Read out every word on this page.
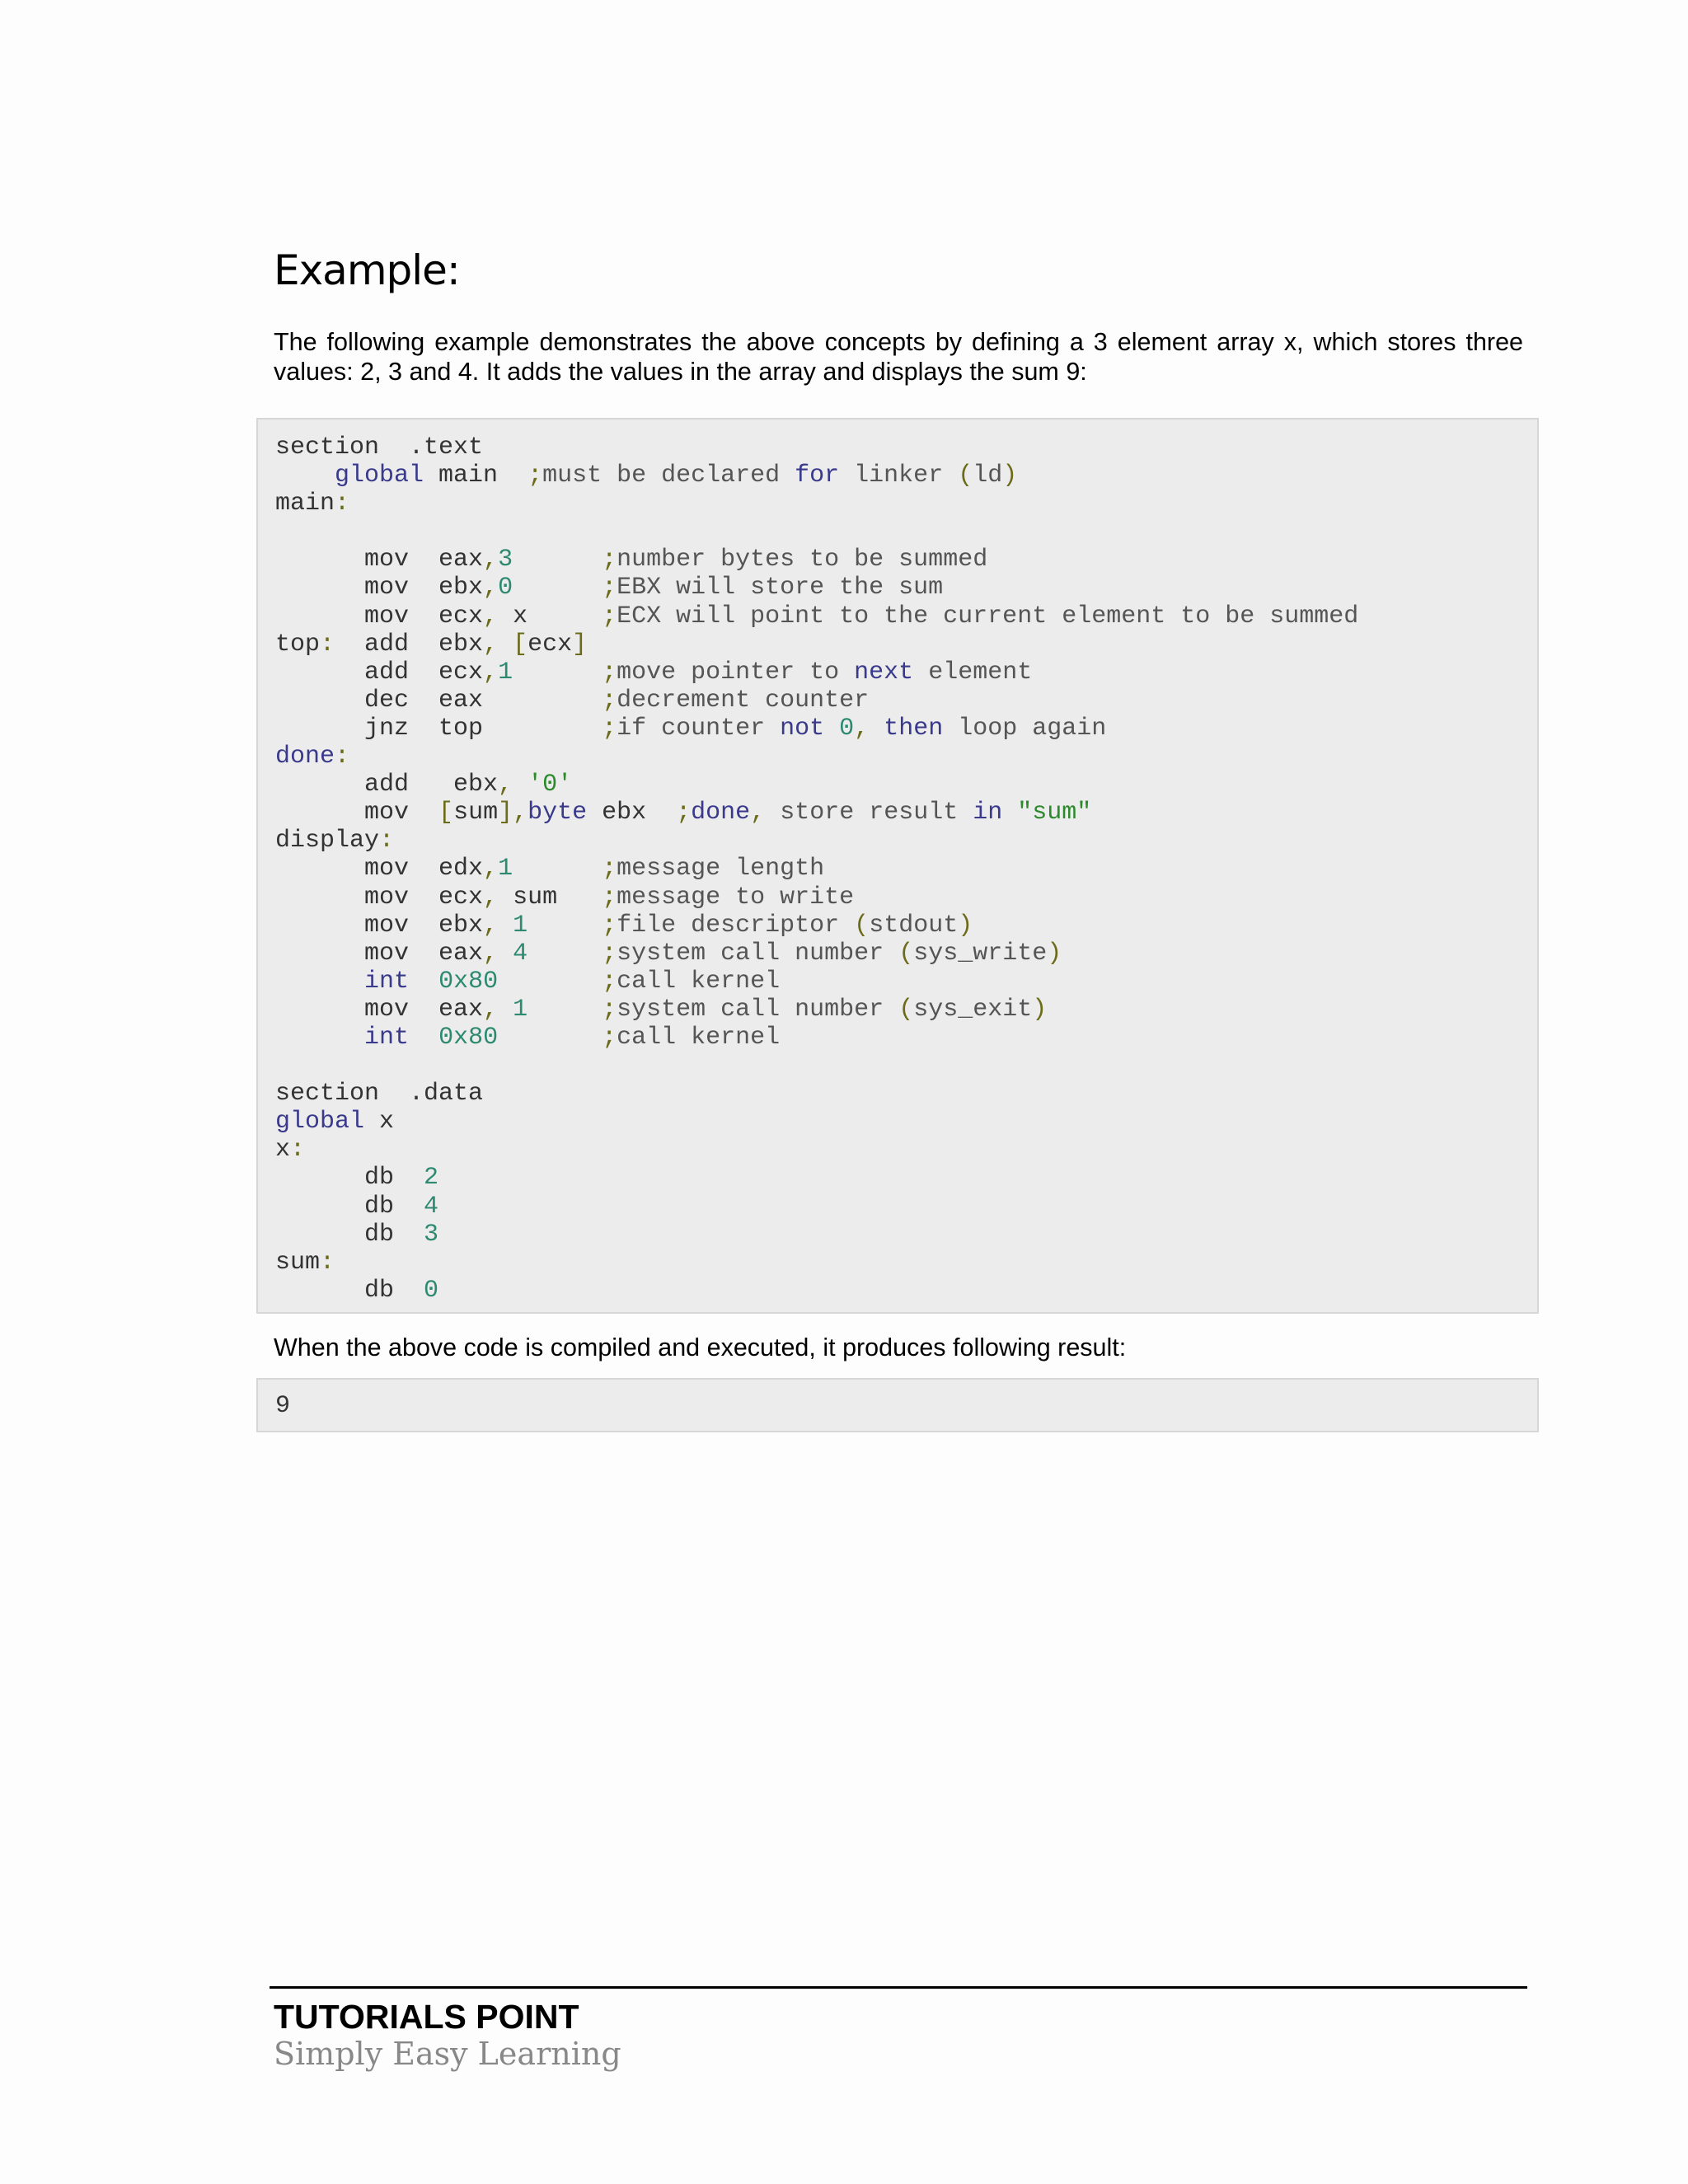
Example:

The following example demonstrates the above concepts by defining a 3 element array x, which stores three values: 2, 3 and 4. It adds the values in the array and displays the sum 9:

section  .text
global main  ;must be declared for linker (ld)
main:

mov  eax,3	;number bytes to be summed
mov  ebx,0	;EBX will store the sum
mov  ecx, x     ;ECX will point to the current element to be summed
top:  add  ebx, [ecx]
add  ecx,1	;move pointer to next element
dec  eax        ;decrement counter
jnz  top        ;if counter not 0, then loop again
done:
add   ebx, '0'
mov  [sum],byte ebx  ;done, store result in "sum"
display:
mov  edx,1	;message length
mov  ecx, sum   ;message to write
mov  ebx, 1	;file descriptor (stdout)
mov  eax, 4	;system call number (sys_write)
int 0x80	;call kernel
mov  eax, 1	;system call number (sys_exit)
int 0x80	;call kernel

section  .data
global x
x:
db  2
db  4
db  3
sum:
db  0

When the above code is compiled and executed, it produces following result:

9
TUTORIALS POINT
Simply Easy Learning
